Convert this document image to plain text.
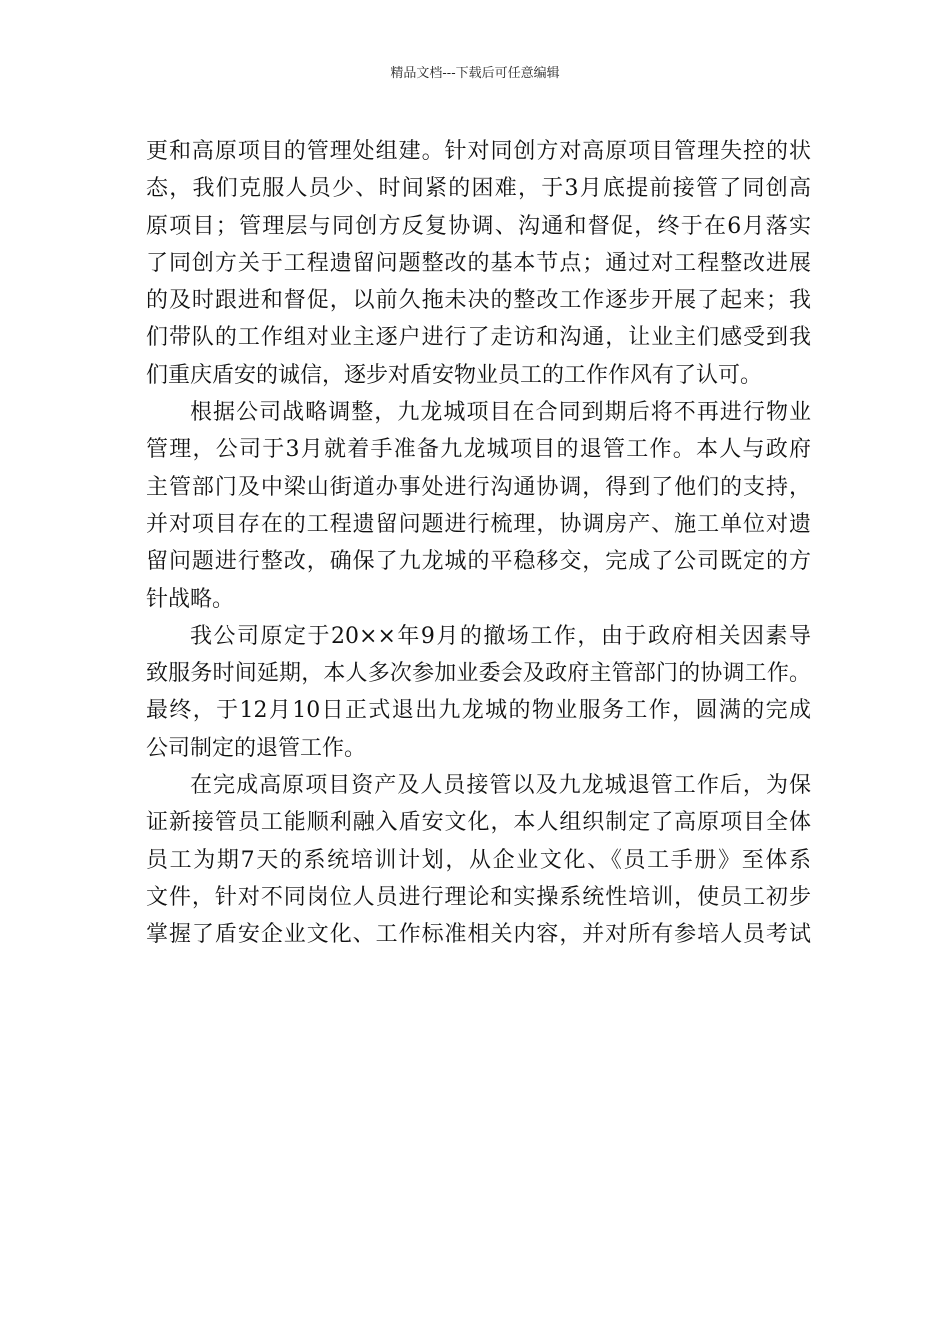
精品文档---下载后可任意编辑

更和高原项目的管理处组建。针对同创方对高原项目管理失控的状
态，我们克服人员少、时间紧的困难，于3月底提前接管了同创高
原项目；管理层与同创方反复协调、沟通和督促，终于在6月落实
了同创方关于工程遗留问题整改的基本节点；通过对工程整改进展
的及时跟进和督促，以前久拖未决的整改工作逐步开展了起来；我
们带队的工作组对业主逐户进行了走访和沟通，让业主们感受到我
们重庆盾安的诚信，逐步对盾安物业员工的工作作风有了认可。

根据公司战略调整，九龙城项目在合同到期后将不再进行物业
管理，公司于3月就着手准备九龙城项目的退管工作。本人与政府
主管部门及中梁山街道办事处进行沟通协调，得到了他们的支持，
并对项目存在的工程遗留问题进行梳理，协调房产、施工单位对遗
留问题进行整改，确保了九龙城的平稳移交，完成了公司既定的方
针战略。

我公司原定于20××年9月的撤场工作，由于政府相关因素导
致服务时间延期，本人多次参加业委会及政府主管部门的协调工作。
最终，于12月10日正式退出九龙城的物业服务工作，圆满的完成
公司制定的退管工作。

在完成高原项目资产及人员接管以及九龙城退管工作后，为保
证新接管员工能顺利融入盾安文化，本人组织制定了高原项目全体
员工为期7天的系统培训计划，从企业文化、《员工手册》至体系
文件，针对不同岗位人员进行理论和实操系统性培训，使员工初步
掌握了盾安企业文化、工作标准相关内容，并对所有参培人员考试
